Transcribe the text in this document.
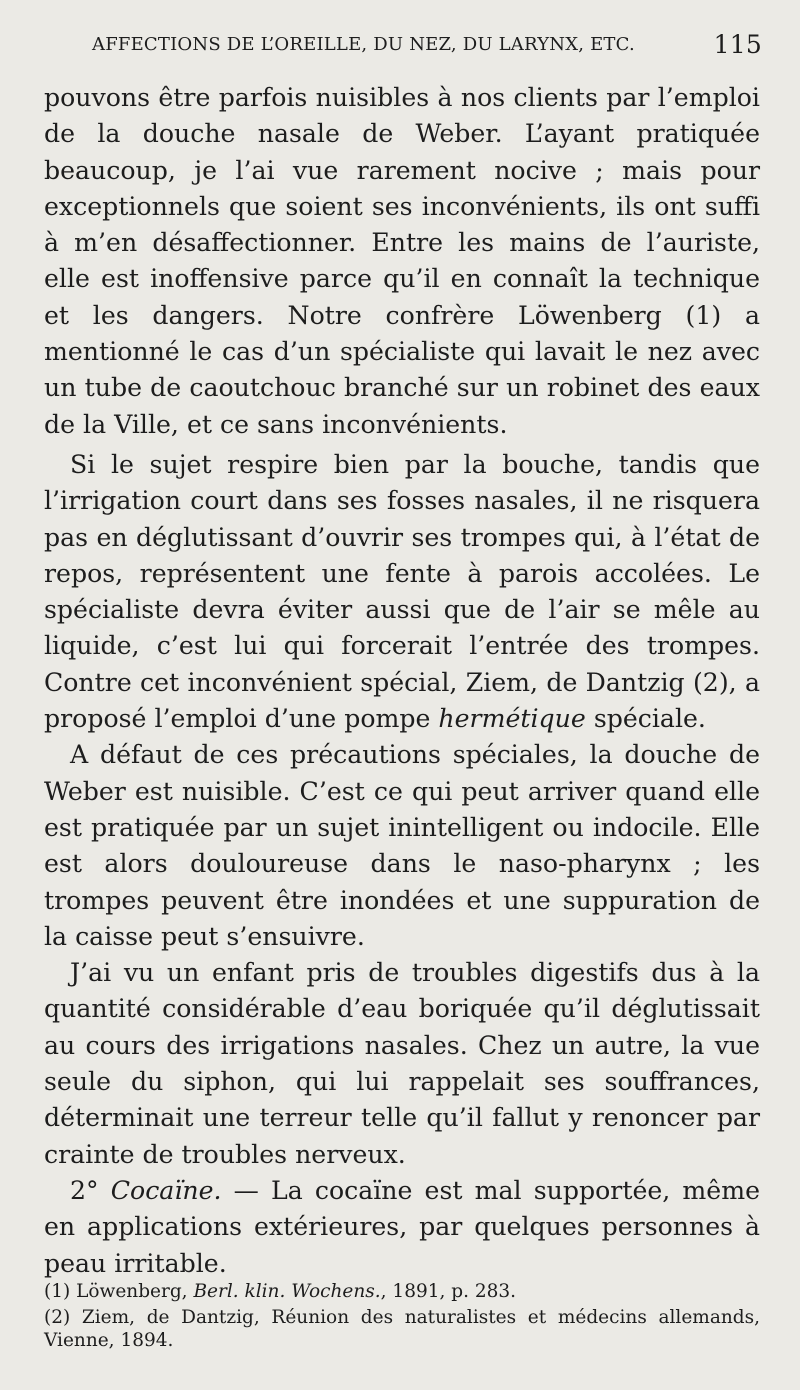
AFFECTIONS DE L’OREILLE, DU NEZ, DU LARYNX, ETC.	115

pouvons être parfois nuisibles à nos clients par l’emploi de la douche nasale de Weber. L’ayant pratiquée beaucoup, je l’ai vue rarement nocive ; mais pour exceptionnels que soient ses inconvénients, ils ont suffi à m’en désaffectionner. Entre les mains de l’auriste, elle est inoffensive parce qu’il en connaît la technique et les dangers. Notre confrère Löwenberg (1) a mentionné le cas d’un spécialiste qui lavait le nez avec un tube de caoutchouc branché sur un robinet des eaux de la Ville, et ce sans inconvénients.

Si le sujet respire bien par la bouche, tandis que l’irrigation court dans ses fosses nasales, il ne risquera pas en déglutissant d’ouvrir ses trompes qui, à l’état de repos, représentent une fente à parois accolées. Le spécialiste devra éviter aussi que de l’air se mêle au liquide, c’est lui qui forcerait l’entrée des trompes. Contre cet inconvénient spécial, Ziem, de Dantzig (2), a proposé l’emploi d’une pompe hermétique spéciale.

A défaut de ces précautions spéciales, la douche de Weber est nuisible. C’est ce qui peut arriver quand elle est pratiquée par un sujet inintelligent ou indocile. Elle est alors douloureuse dans le naso-pharynx ; les trompes peuvent être inondées et une suppuration de la caisse peut s’ensuivre.

J’ai vu un enfant pris de troubles digestifs dus à la quantité considérable d’eau boriquée qu’il déglutissait au cours des irrigations nasales. Chez un autre, la vue seule du siphon, qui lui rappelait ses souffrances, déterminait une terreur telle qu’il fallut y renoncer par crainte de troubles nerveux.

2° Cocaïne. — La cocaïne est mal supportée, même en applications extérieures, par quelques personnes à peau irritable.

(1) Löwenberg, Berl. klin. Wochens., 1891, p. 283.

(2) Ziem, de Dantzig, Réunion des naturalistes et médecins allemands, Vienne, 1894.
